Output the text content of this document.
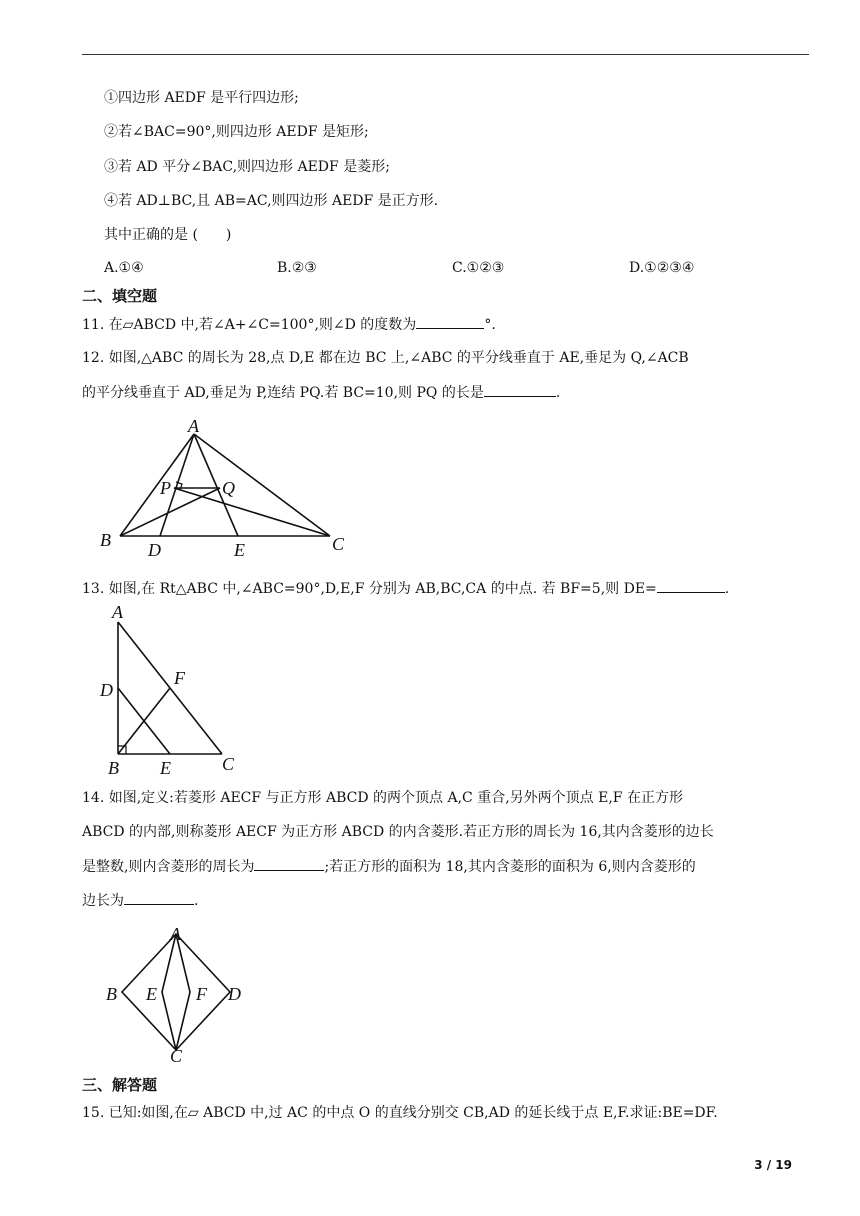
①四边形 AEDF 是平行四边形;
②若∠BAC=90°,则四边形 AEDF 是矩形;
③若 AD 平分∠BAC,则四边形 AEDF 是菱形;
④若 AD⊥BC,且 AB=AC,则四边形 AEDF 是正方形.
其中正确的是 (　　)
A.①④	B.②③	C.①②③	D.①②③④
二、填空题
11. 在▱ABCD 中,若∠A+∠C=100°,则∠D 的度数为	°.
12. 如图,△ABC 的周长为 28,点 D,E 都在边 BC 上,∠ABC 的平分线垂直于 AE,垂足为 Q,∠ACB
的平分线垂直于 AD,垂足为 P,连结 PQ.若 BC=10,则 PQ 的长是	.
A
B	C
D	E
P	Q
13. 如图,在 Rt△ABC 中,∠ABC=90°,D,E,F 分别为 AB,BC,CA 的中点. 若 BF=5,则 DE=	.
A
B	C
D
E
F
14. 如图,定义:若菱形 AECF 与正方形 ABCD 的两个顶点 A,C 重合,另外两个顶点 E,F 在正方形
ABCD 的内部,则称菱形 AECF 为正方形 ABCD 的内含菱形.若正方形的周长为 16,其内含菱形的边长
是整数,则内含菱形的周长为	;若正方形的面积为 18,其内含菱形的面积为 6,则内含菱形的
边长为	.
A
B
C
D
E F
三、解答题
15. 已知:如图,在▱ ABCD 中,过 AC 的中点 O 的直线分别交 CB,AD 的延长线于点 E,F.求证:BE=DF.
3 / 19
